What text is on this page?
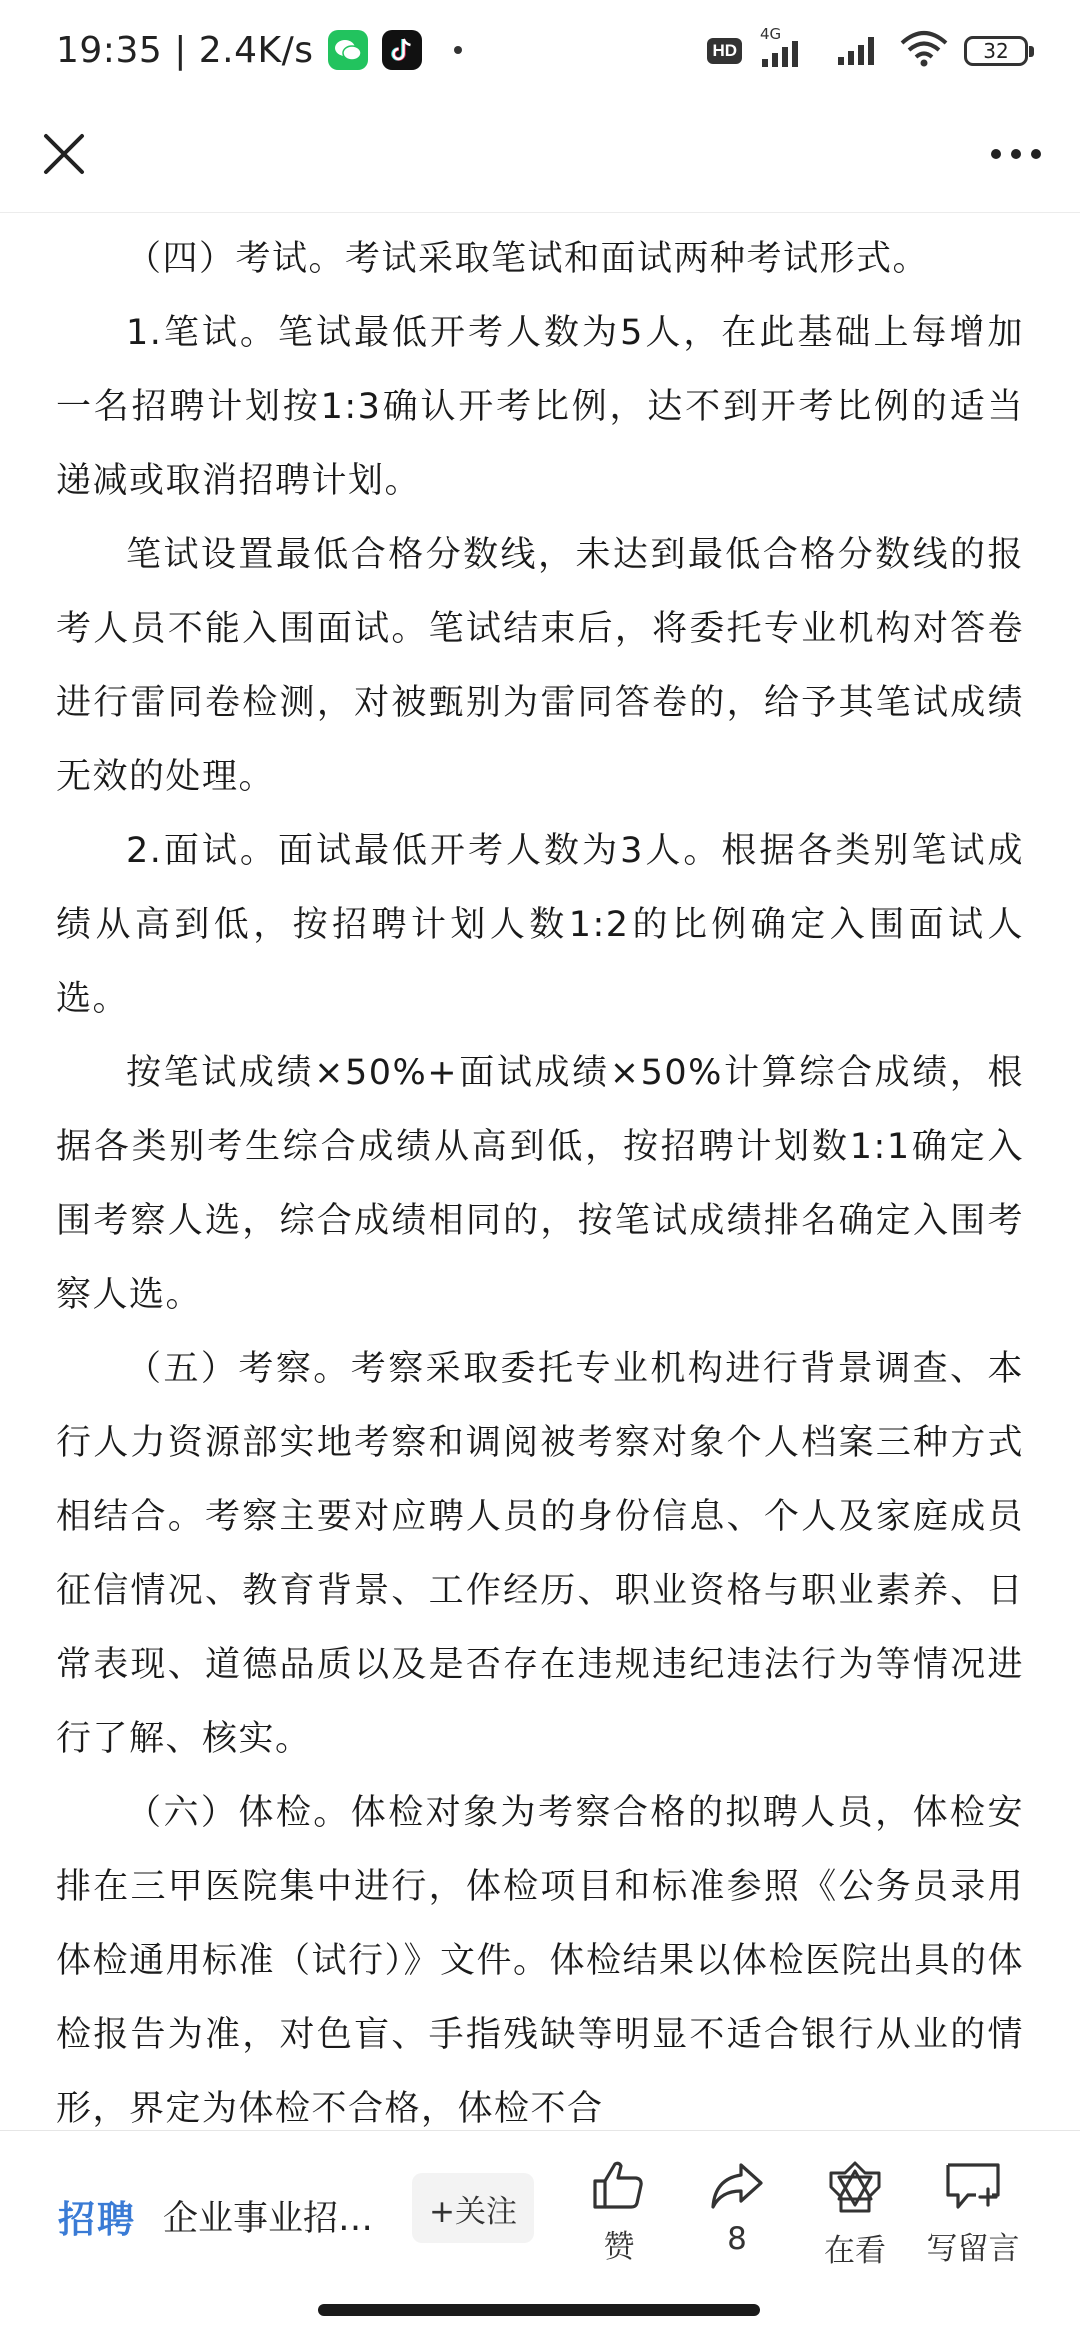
19:35 | 2.4K/s	HD
4G
32

（四）考试。考试采取笔试和面试两种考试形式。

1.笔试。笔试最低开考人数为5人，在此基础上每增加一名招聘计划按1:3确认开考比例，达不到开考比例的适当递减或取消招聘计划。

笔试设置最低合格分数线，未达到最低合格分数线的报考人员不能入围面试。笔试结束后，将委托专业机构对答卷进行雷同卷检测，对被甄别为雷同答卷的，给予其笔试成绩无效的处理。

2.面试。面试最低开考人数为3人。根据各类别笔试成绩从高到低，按招聘计划人数1:2的比例确定入围面试人选。

按笔试成绩×50%+面试成绩×50%计算综合成绩，根据各类别考生综合成绩从高到低，按招聘计划数1:1确定入围考察人选，综合成绩相同的，按笔试成绩排名确定入围考察人选。

（五）考察。考察采取委托专业机构进行背景调查、本行人力资源部实地考察和调阅被考察对象个人档案三种方式相结合。考察主要对应聘人员的身份信息、个人及家庭成员征信情况、教育背景、工作经历、职业资格与职业素养、日常表现、道德品质以及是否存在违规违纪违法行为等情况进行了解、核实。

（六）体检。体检对象为考察合格的拟聘人员，体检安排在三甲医院集中进行，体检项目和标准参照《公务员录用体检通用标准（试行）》文件。体检结果以体检医院出具的体检报告为准，对色盲、手指残缺等明显不适合银行从业的情形，界定为体检不合格，体检不合

招聘 企业事业招…	+关注
赞	8 在看 写留言
